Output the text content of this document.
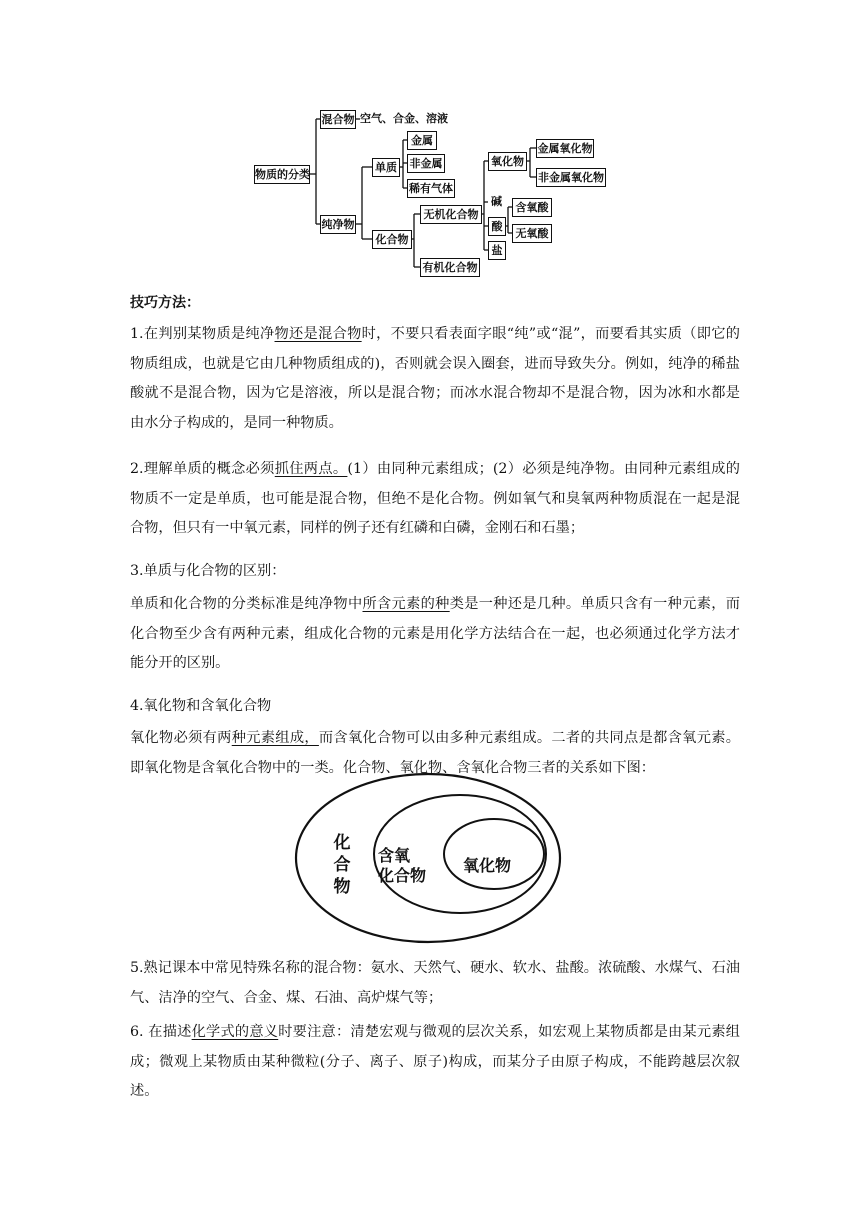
物质的分类
混合物 空气、合金、溶液
纯净物
单质
金属
非金属
稀有气体
化合物
无机化合物
有机化合物
氧化物
金属氧化物
非金属氧化物
碱
酸
盐
含氧酸
无氧酸
技巧方法：

1.在判别某物质是纯净物还是混合物时，不要只看表面字眼“纯”或“混”，而要看其实质（即它的物质组成，也就是它由几种物质组成的)，否则就会误入圈套，进而导致失分。例如，纯净的稀盐酸就不是混合物，因为它是溶液，所以是混合物；而冰水混合物却不是混合物，因为冰和水都是由水分子构成的，是同一种物质。

2.理解单质的概念必须抓住两点。(1）由同种元素组成；(2）必须是纯净物。由同种元素组成的物质不一定是单质，也可能是混合物，但绝不是化合物。例如氧气和臭氧两种物质混在一起是混合物，但只有一中氧元素，同样的例子还有红磷和白磷，金刚石和石墨；

3.单质与化合物的区别：

单质和化合物的分类标准是纯净物中所含元素的种类是一种还是几种。单质只含有一种元素，而化合物至少含有两种元素，组成化合物的元素是用化学方法结合在一起，也必须通过化学方法才能分开的区别。

4.氧化物和含氧化合物

氧化物必须有两种元素组成，而含氧化合物可以由多种元素组成。二者的共同点是都含氧元素。即氧化物是含氧化合物中的一类。化合物、氧化物、含氧化合物三者的关系如下图：

化合物
含氧
化合物
氧化物

5.熟记课本中常见特殊名称的混合物：氨水、天然气、硬水、软水、盐酸。浓硫酸、水煤气、石油气、洁净的空气、合金、煤、石油、高炉煤气等；

6. 在描述化学式的意义时要注意：清楚宏观与微观的层次关系，如宏观上某物质都是由某元素组成；微观上某物质由某种微粒(分子、离子、原子)构成，而某分子由原子构成，不能跨越层次叙述。
